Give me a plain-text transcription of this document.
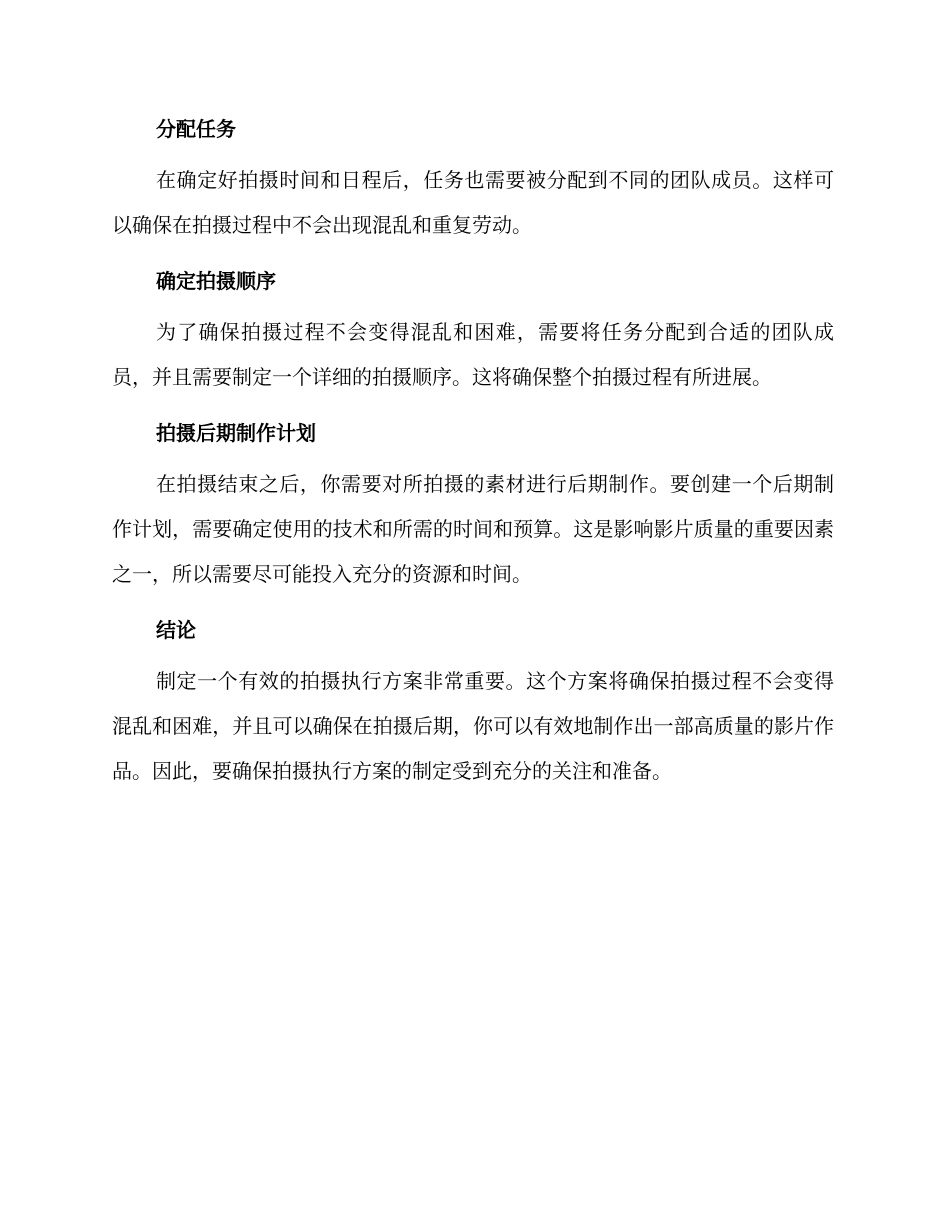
分配任务

在确定好拍摄时间和日程后，任务也需要被分配到不同的团队成员。这样可以确保在拍摄过程中不会出现混乱和重复劳动。

确定拍摄顺序

为了确保拍摄过程不会变得混乱和困难，需要将任务分配到合适的团队成员，并且需要制定一个详细的拍摄顺序。这将确保整个拍摄过程有所进展。

拍摄后期制作计划

在拍摄结束之后，你需要对所拍摄的素材进行后期制作。要创建一个后期制作计划，需要确定使用的技术和所需的时间和预算。这是影响影片质量的重要因素之一，所以需要尽可能投入充分的资源和时间。

结论

制定一个有效的拍摄执行方案非常重要。这个方案将确保拍摄过程不会变得混乱和困难，并且可以确保在拍摄后期，你可以有效地制作出一部高质量的影片作品。因此，要确保拍摄执行方案的制定受到充分的关注和准备。
